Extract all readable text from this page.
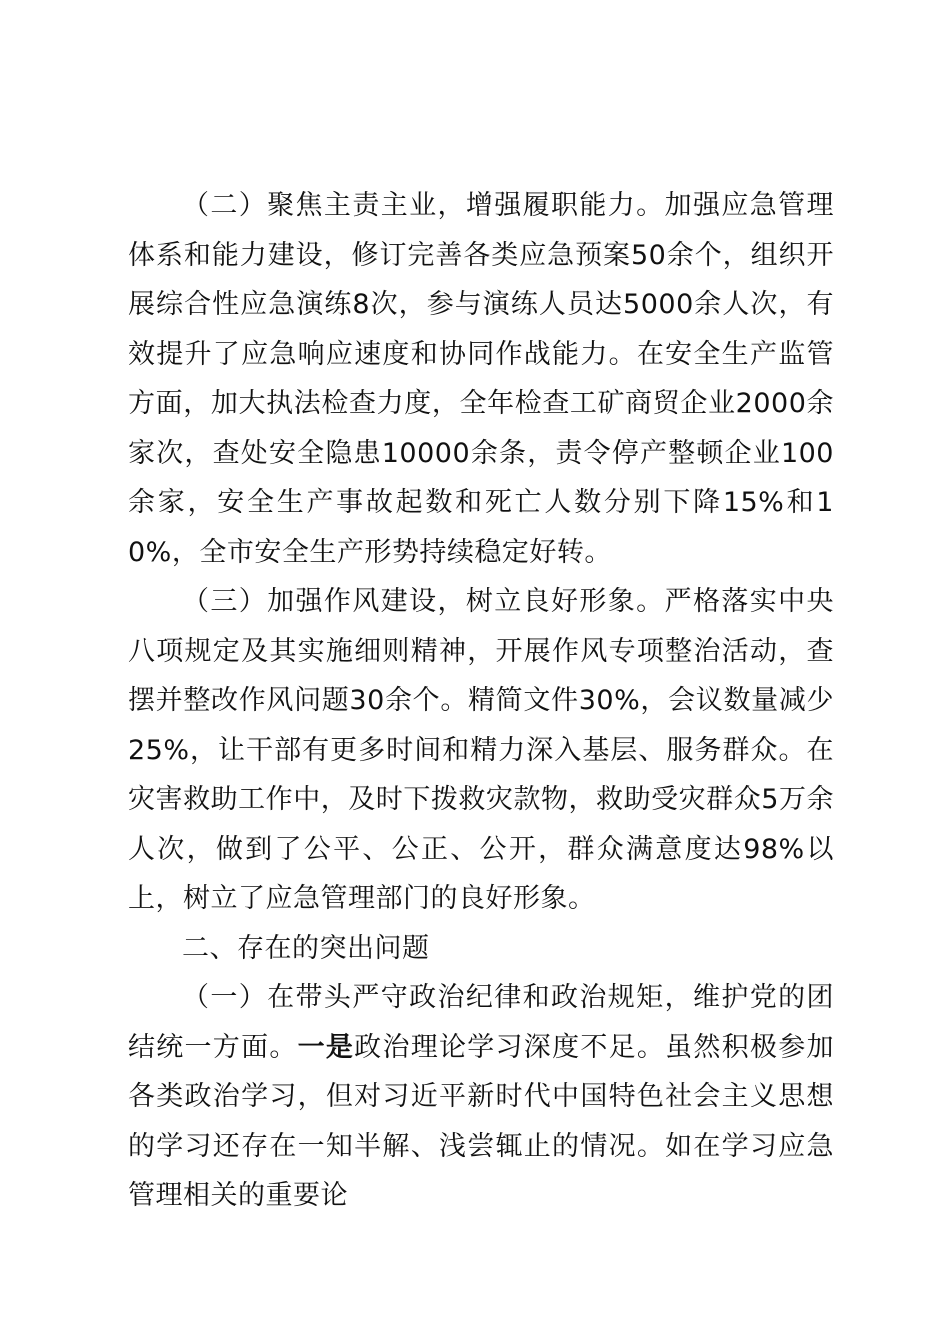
（二）聚焦主责主业，增强履职能力。加强应急管理体系和能力建设，修订完善各类应急预案50余个，组织开展综合性应急演练8次，参与演练人员达5000余人次，有效提升了应急响应速度和协同作战能力。在安全生产监管方面，加大执法检查力度，全年检查工矿商贸企业2000余家次，查处安全隐患10000余条，责令停产整顿企业100余家，安全生产事故起数和死亡人数分别下降15%和10%，全市安全生产形势持续稳定好转。

（三）加强作风建设，树立良好形象。严格落实中央八项规定及其实施细则精神，开展作风专项整治活动，查摆并整改作风问题30余个。精简文件30%，会议数量减少25%，让干部有更多时间和精力深入基层、服务群众。在灾害救助工作中，及时下拨救灾款物，救助受灾群众5万余人次，做到了公平、公正、公开，群众满意度达98%以上，树立了应急管理部门的良好形象。

二、存在的突出问题

（一）在带头严守政治纪律和政治规矩，维护党的团结统一方面。一是政治理论学习深度不足。虽然积极参加各类政治学习，但对习近平新时代中国特色社会主义思想的学习还存在一知半解、浅尝辄止的情况。如在学习应急管理相关的重要论
